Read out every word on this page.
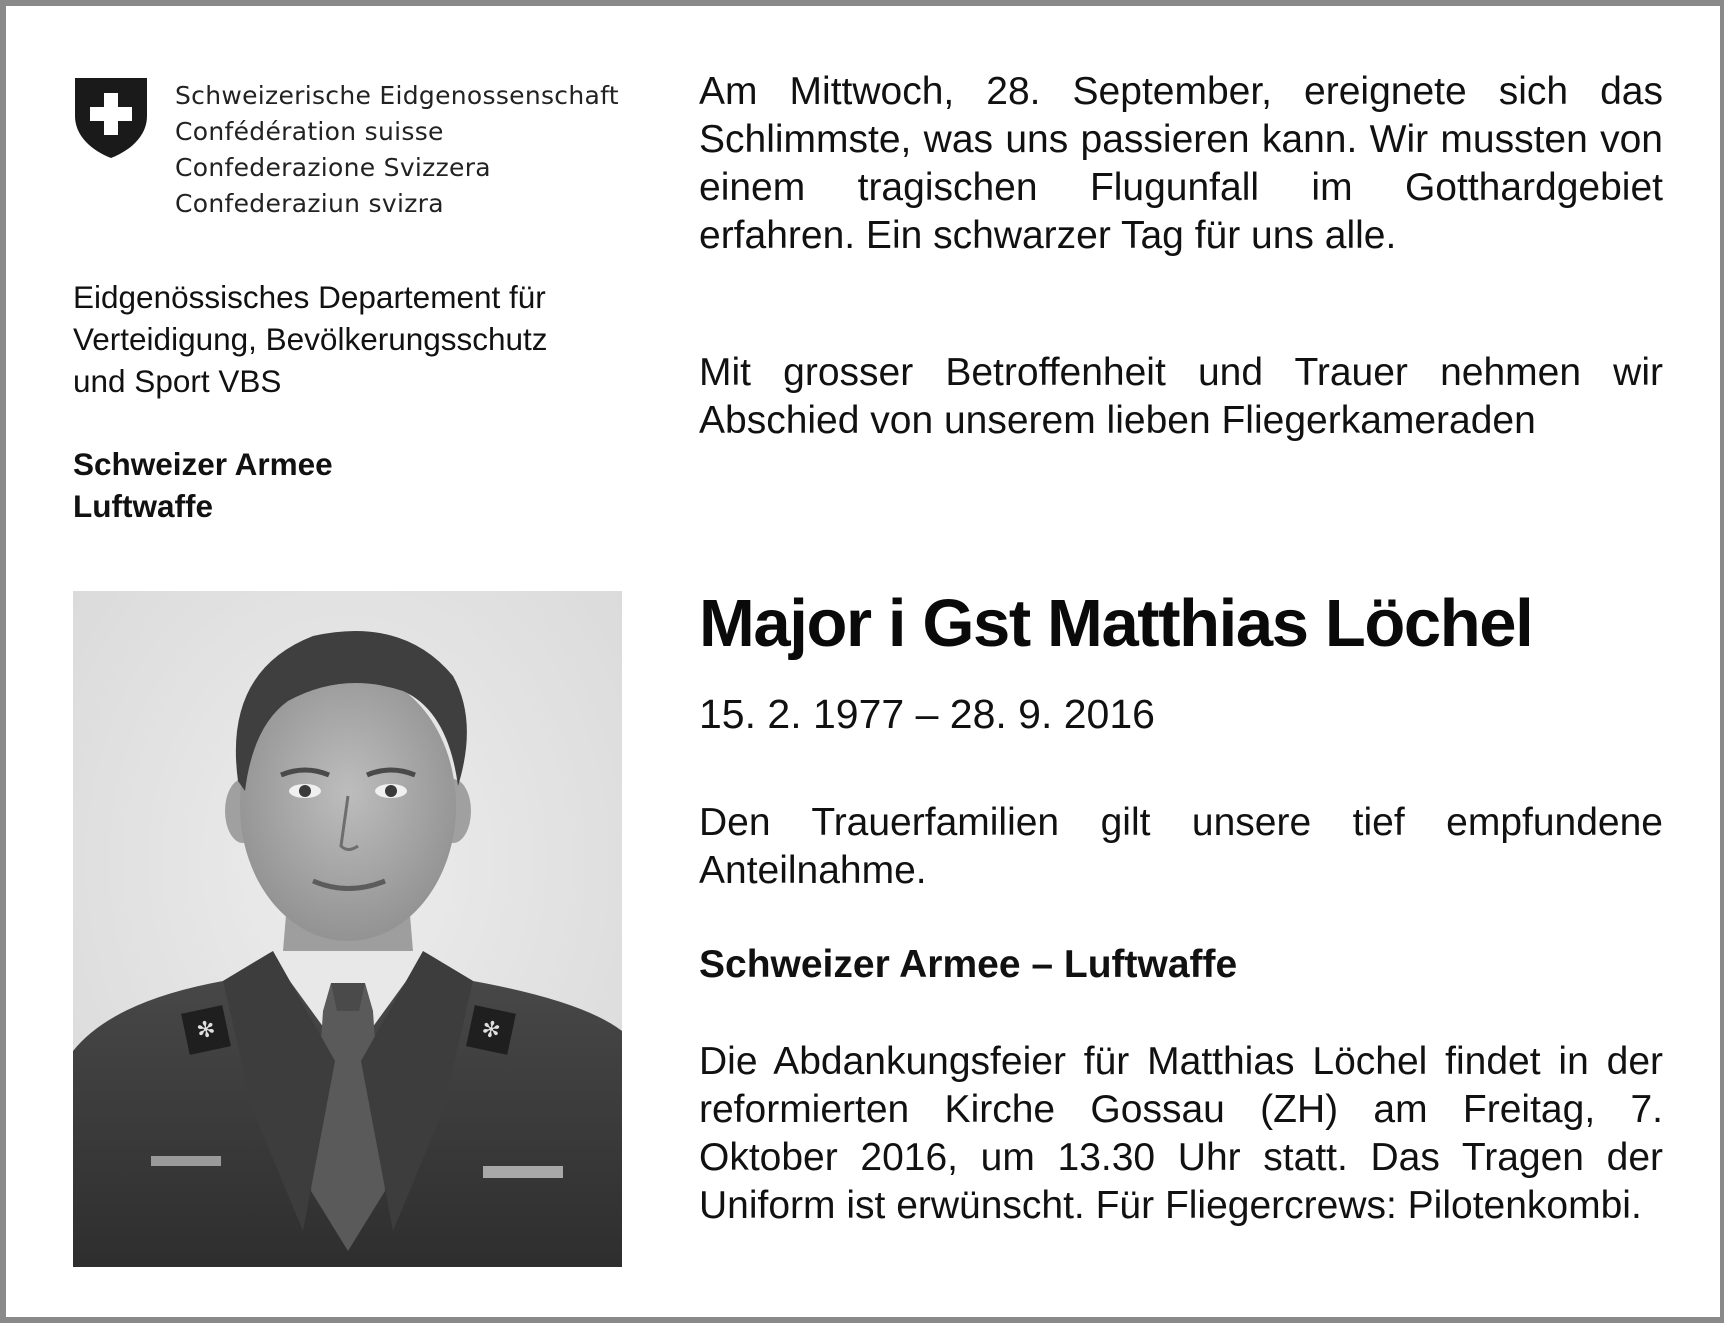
Schweizerische Eidgenossenschaft
Confédération suisse
Confederazione Svizzera
Confederaziun svizra
Eidgenössisches Departement für
Verteidigung, Bevölkerungsschutz
und Sport VBS
Schweizer Armee
Luftwaffe
✻	✻

Am Mittwoch, 28. September, ereignete sich das Schlimmste, was uns passieren kann. Wir mussten von einem tragischen Flugunfall im Gotthardgebiet erfahren. Ein schwarzer Tag für uns alle.

Mit grosser Betroffenheit und Trauer nehmen wir Abschied von unserem lieben Fliegerkameraden

Major i Gst Matthias Löchel
15. 2. 1977 – 28. 9. 2016

Den Trauerfamilien gilt unsere tief empfundene Anteilnahme.

Schweizer Armee – Luftwaffe

Die Abdankungsfeier für Matthias Löchel findet in der reformierten Kirche Gossau (ZH) am Freitag, 7. Oktober 2016, um 13.30 Uhr statt. Das Tragen der Uniform ist erwünscht. Für Fliegercrews: Pilotenkombi.
